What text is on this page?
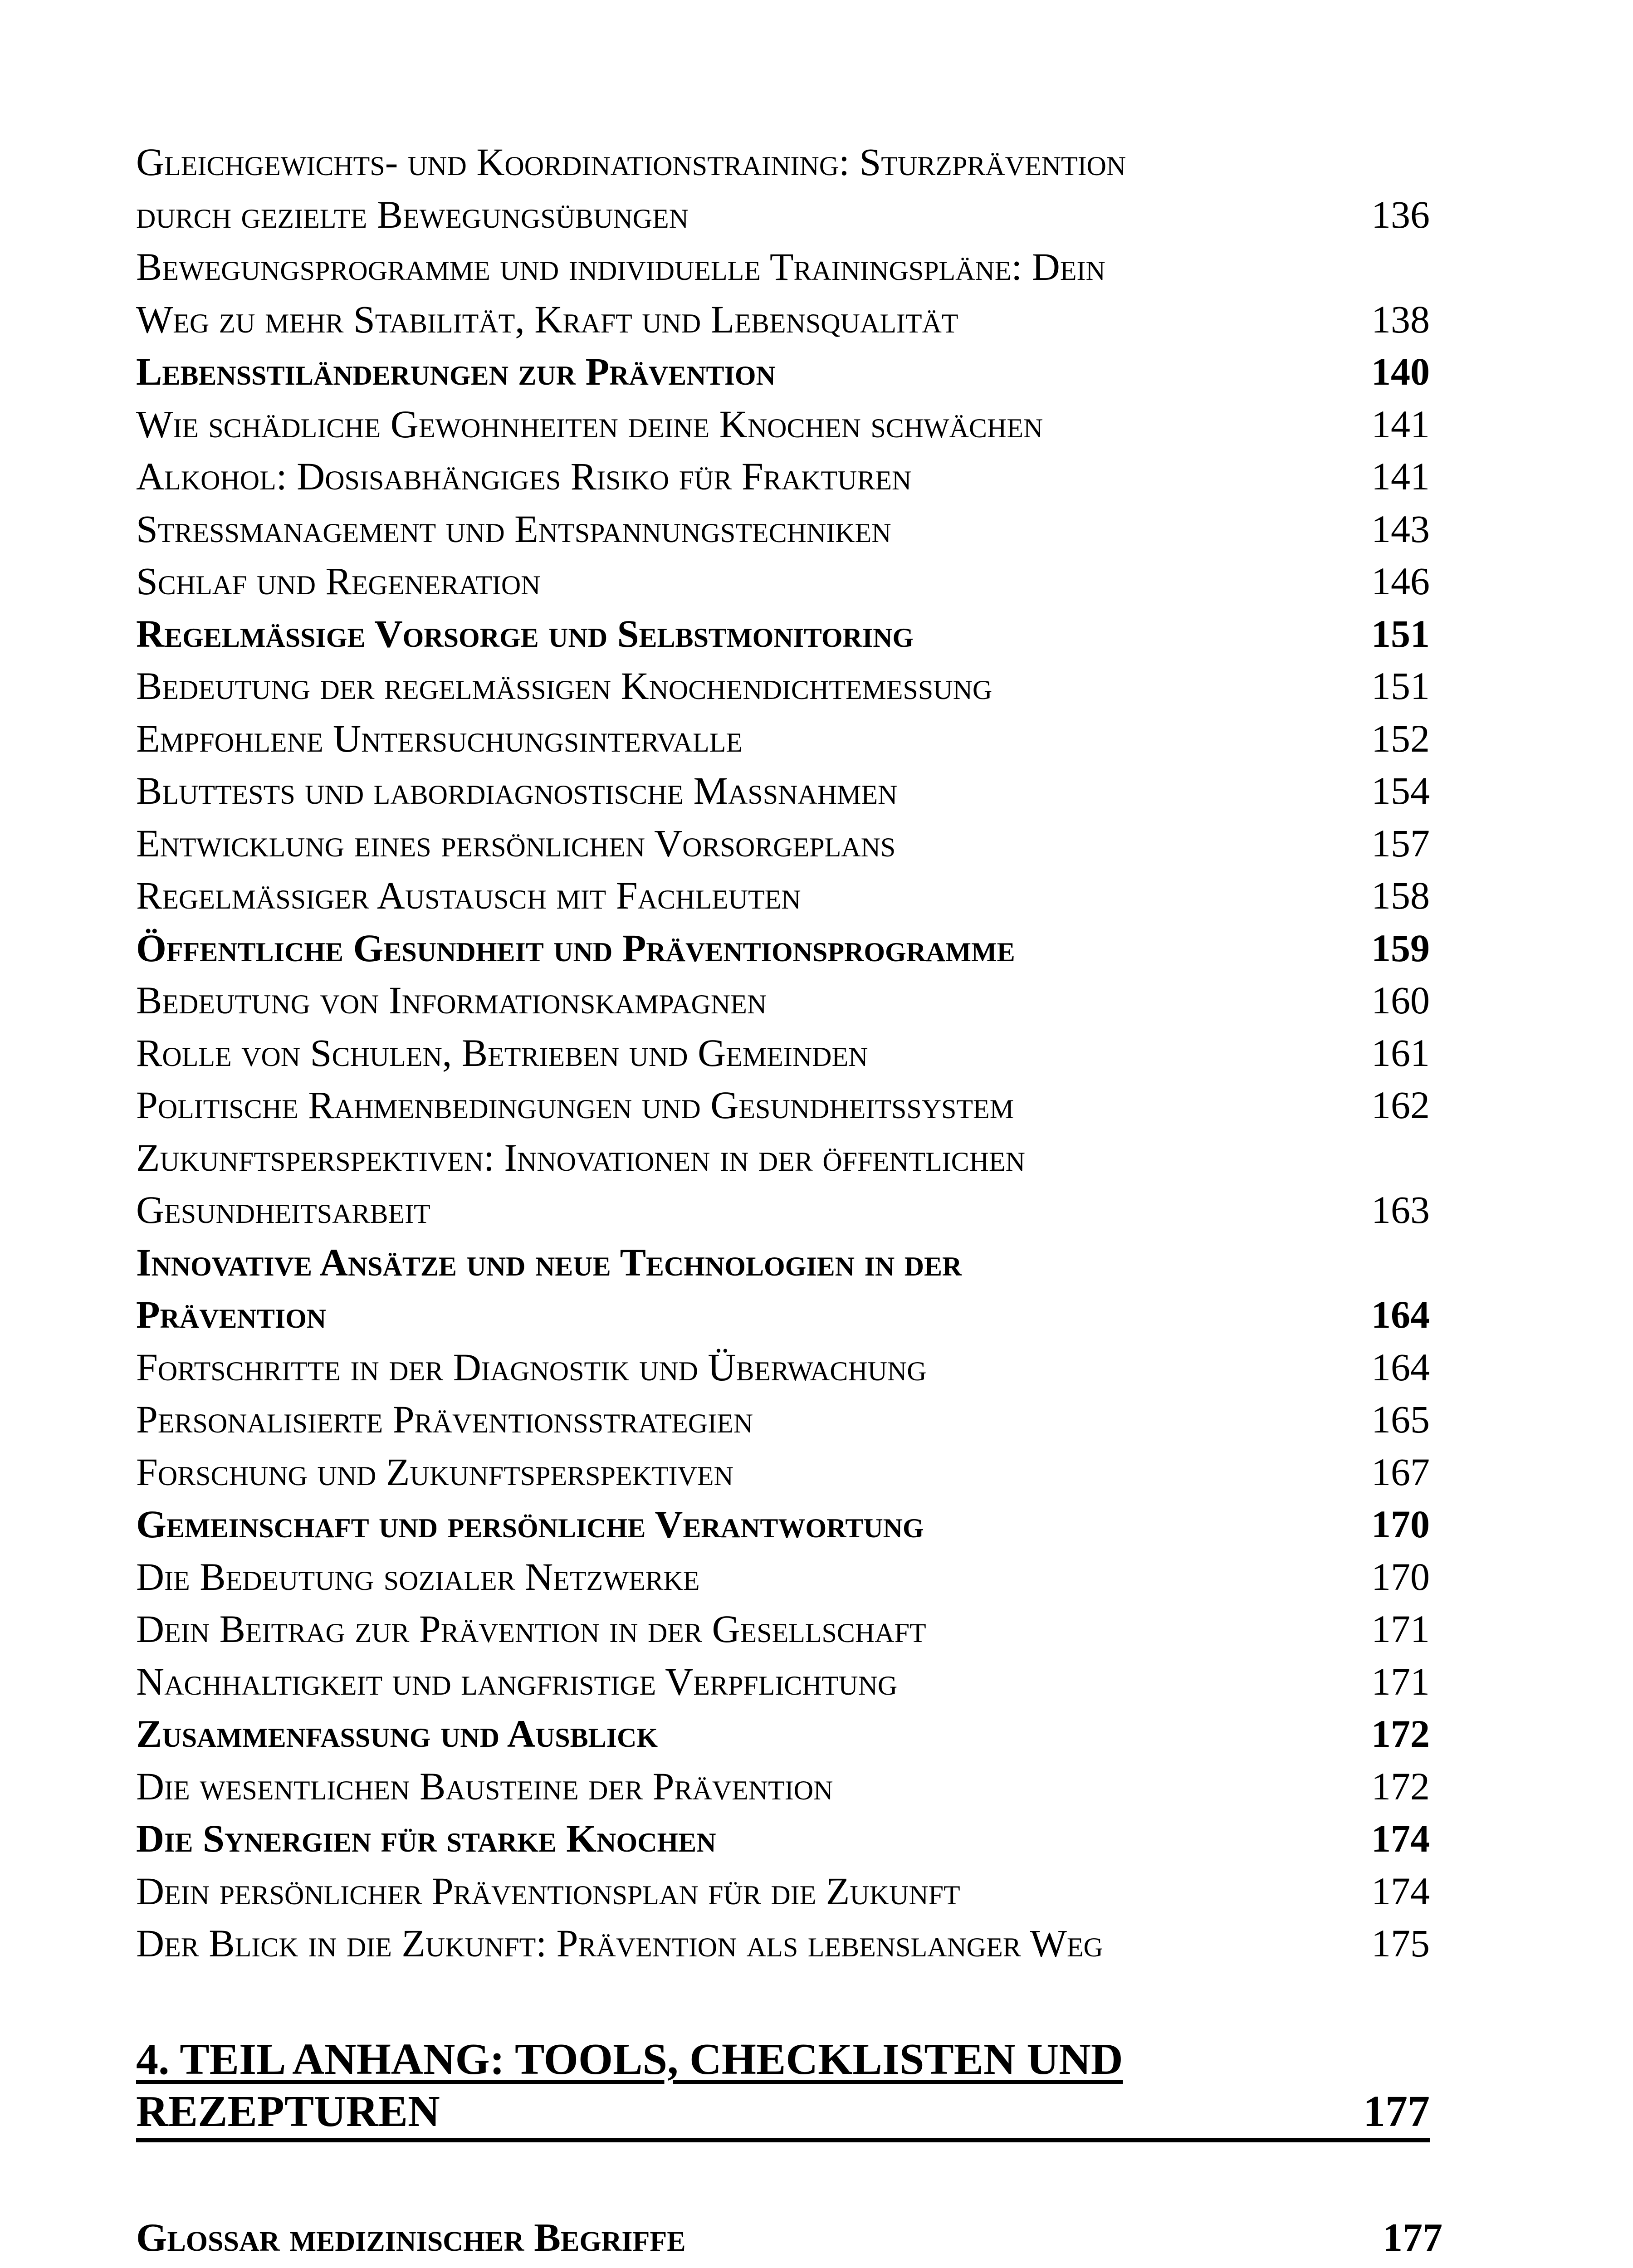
Gleichgewichts- und Koordinationstraining: Sturzprävention
durch gezielte Bewegungsübungen	136
Bewegungsprogramme und individuelle Trainingspläne: Dein
Weg zu mehr Stabilität, Kraft und Lebensqualität	138
Lebensstiländerungen zur Prävention	140
Wie schädliche Gewohnheiten deine Knochen schwächen	141
Alkohol: Dosisabhängiges Risiko für Frakturen	141
Stressmanagement und Entspannungstechniken	143
Schlaf und Regeneration	146
Regelmäßige Vorsorge und Selbstmonitoring	151
Bedeutung der regelmäßigen Knochendichtemessung	151
Empfohlene Untersuchungsintervalle	152
Bluttests und labordiagnostische Maßnahmen	154
Entwicklung eines persönlichen Vorsorgeplans	157
Regelmäßiger Austausch mit Fachleuten	158
Öffentliche Gesundheit und Präventionsprogramme	159
Bedeutung von Informationskampagnen	160
Rolle von Schulen, Betrieben und Gemeinden	161
Politische Rahmenbedingungen und Gesundheitssystem	162
Zukunftsperspektiven: Innovationen in der öffentlichen
Gesundheitsarbeit	163
Innovative Ansätze und neue Technologien in der
Prävention	164
Fortschritte in der Diagnostik und Überwachung	164
Personalisierte Präventionsstrategien	165
Forschung und Zukunftsperspektiven	167
Gemeinschaft und persönliche Verantwortung	170
Die Bedeutung sozialer Netzwerke	170
Dein Beitrag zur Prävention in der Gesellschaft	171
Nachhaltigkeit und langfristige Verpflichtung	171
Zusammenfassung und Ausblick	172
Die wesentlichen Bausteine der Prävention	172
Die Synergien für starke Knochen	174
Dein persönlicher Präventionsplan für die Zukunft	174
Der Blick in die Zukunft: Prävention als lebenslanger Weg	175
4. TEIL ANHANG: TOOLS, CHECKLISTEN UND
REZEPTUREN	177
Glossar medizinischer Begriffe	177
